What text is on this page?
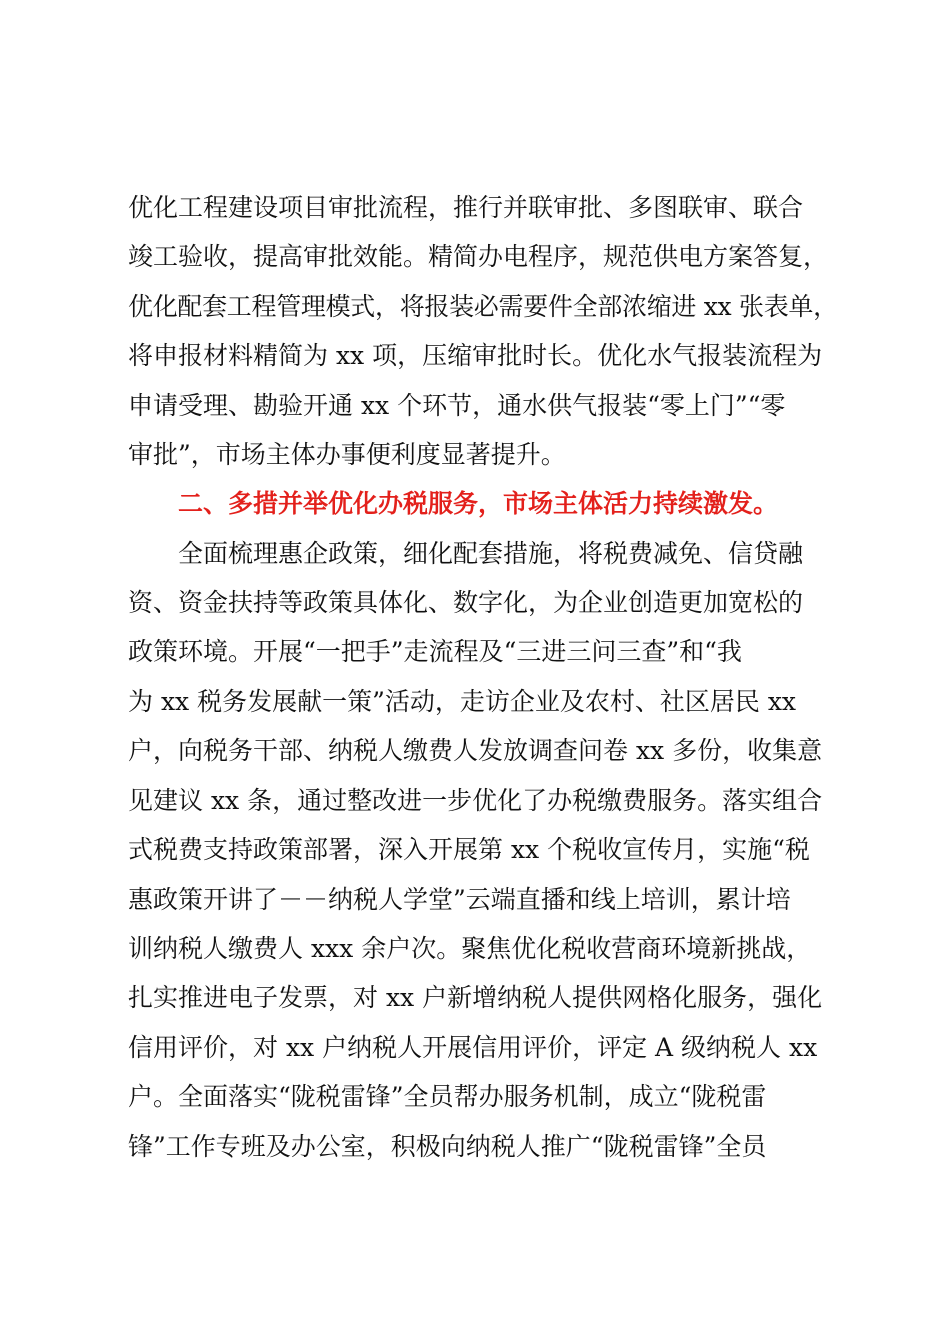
优化工程建设项目审批流程，推行并联审批、多图联审、联合
竣工验收，提高审批效能。精简办电程序，规范供电方案答复，
优化配套工程管理模式，将报装必需要件全部浓缩进 xx 张表单，
将申报材料精简为 xx 项，压缩审批时长。优化水气报装流程为
申请受理、勘验开通 xx 个环节，通水供气报装“零上门”“零
审批”，市场主体办事便利度显著提升。
二、多措并举优化办税服务，市场主体活力持续激发。
　　全面梳理惠企政策，细化配套措施，将税费减免、信贷融
资、资金扶持等政策具体化、数字化，为企业创造更加宽松的
政策环境。开展“一把手”走流程及“三进三问三查”和“我
为 xx 税务发展献一策”活动，走访企业及农村、社区居民 xx
户，向税务干部、纳税人缴费人发放调查问卷 xx 多份，收集意
见建议 xx 条，通过整改进一步优化了办税缴费服务。落实组合
式税费支持政策部署，深入开展第 xx 个税收宣传月，实施“税
惠政策开讲了－－纳税人学堂”云端直播和线上培训，累计培
训纳税人缴费人 xxx 余户次。聚焦优化税收营商环境新挑战，
扎实推进电子发票，对 xx 户新增纳税人提供网格化服务，强化
信用评价，对 xx 户纳税人开展信用评价，评定 A 级纳税人 xx
户。全面落实“陇税雷锋”全员帮办服务机制，成立“陇税雷
锋”工作专班及办公室，积极向纳税人推广“陇税雷锋”全员
